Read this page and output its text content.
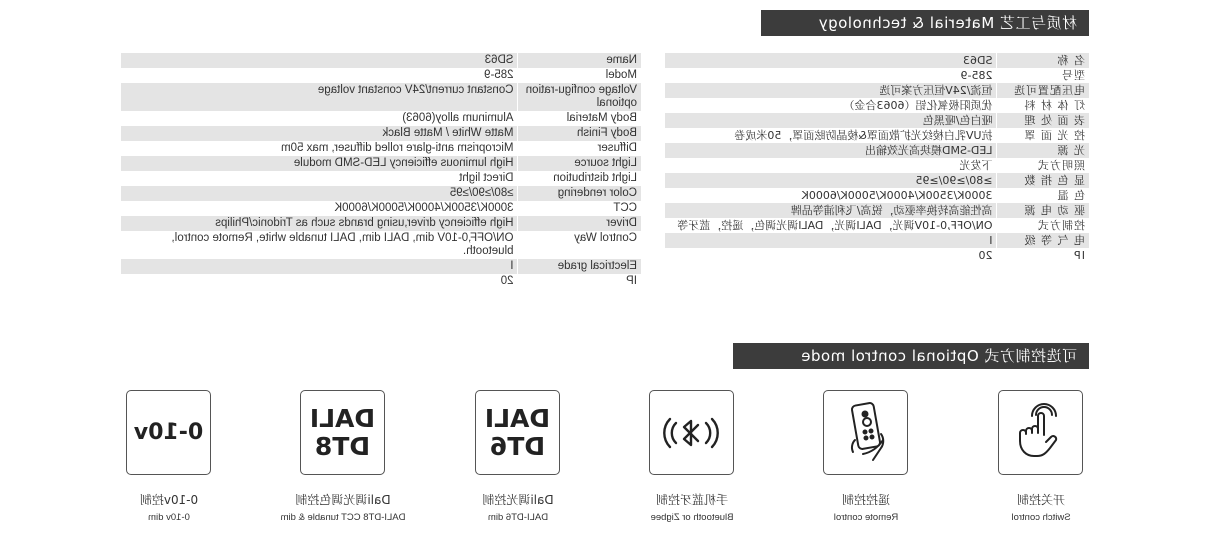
材质与工艺 Material & technology
名 称	SD63
型号	285-9
电压配置可选	恒流/24V恒压方案可选
灯 体 材 料	优质阳极氧化铝（6063合金）
表 面 处 理	哑白色/哑黑色
控 光 面 罩	抗UV乳白棱纹光扩散面罩&棱晶防眩面罩，50米成卷
光 源	LED-SMD模块高光效输出
照明方式	下发光
显 色 指 数	≥80/≥90/≥95
色 温	3000K/3500K/4000K/5000K/6000K
驱 动 电 源	高性能高转换率驱动，锐高/飞利浦等品牌
控制方式	ON/OFF,0-10V调光，DALI调光，DALI调光调色，遥控，蓝牙等
电 气 等 级	I
IP	20
Name	SD63
Model	285-9
Voltage configu-ration optional	Constant current/24V constant voltage
Body Material	Aluminum alloy(6063)
Body Finish	Matte White / Matte Black
Diffuser	Microprism anti-glare rolled diffuser, max 50m
Light source	High luminous efficiency LED-SMD module
Light distribution	Direct light
Color rendering	≥80/≥90/≥95
CCT	3000K/3500K/4000K/5000K/6000K
Driver	High efficiency driver,using brands such as Tridonic/Philips
Control Way	ON/OFF,0-10V dim, DALI dim, DALI tunable white, Remote control, bluetooth.
Electrical grade	I
IP	20
可选控制方式 Optional control mode
开关控制
Switch control
遥控控制
Remote control
手机蓝牙控制
Bluetooth or Zigbee
DALI
DT6
Dali调光控制
DALI-DT6 dim
DALI
DT8
Dali调光调色控制
DALI-DT8 CCT tunable & dim
0-10v
0-10v控制
0-10v dim
